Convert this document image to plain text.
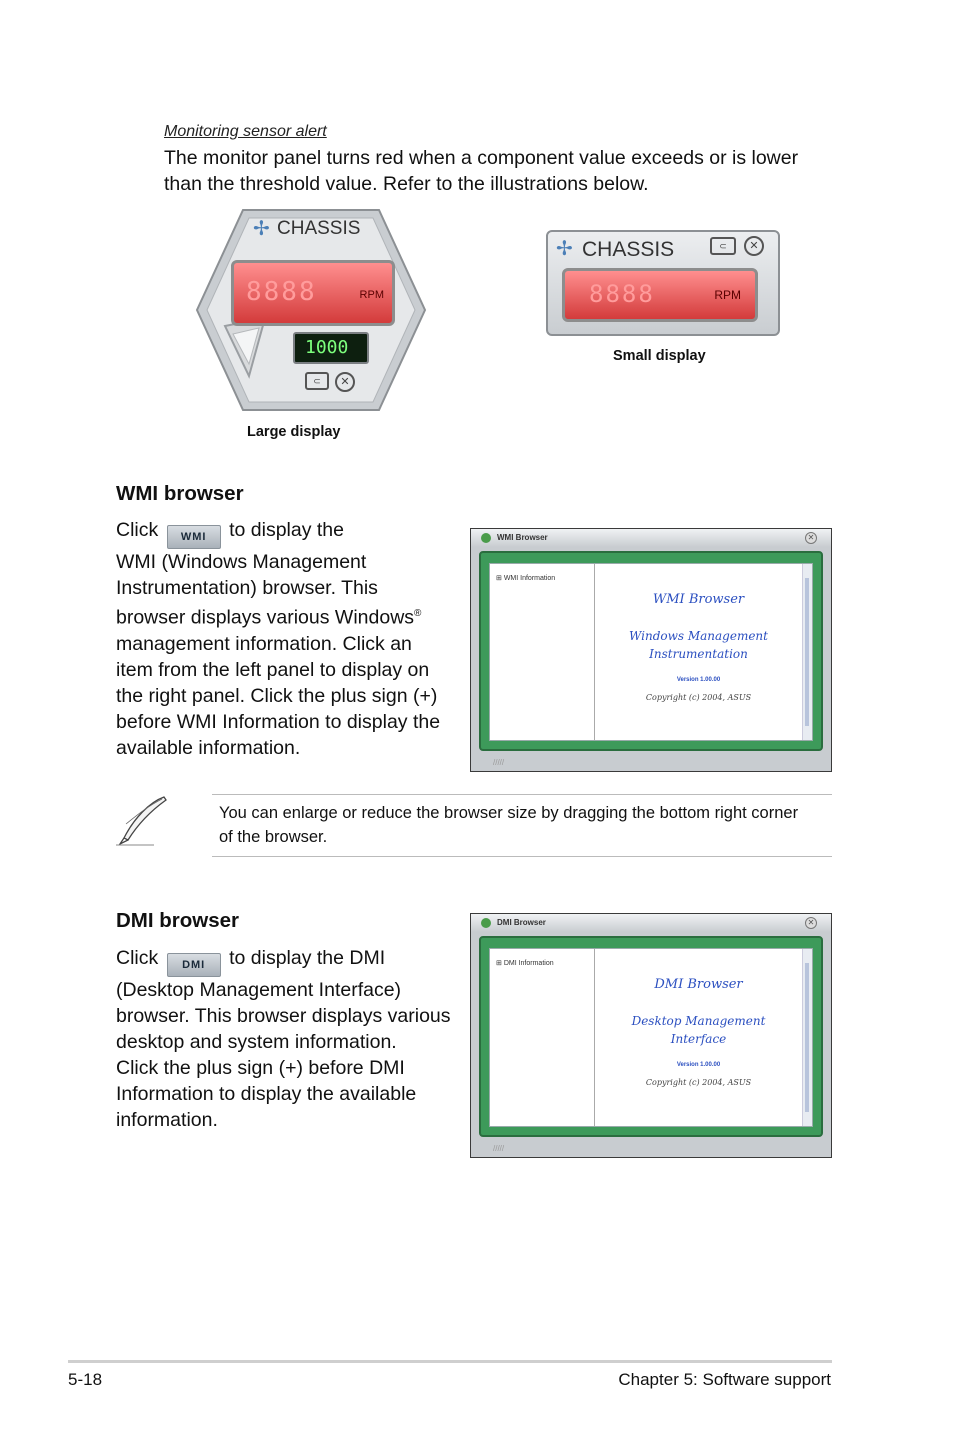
Monitoring sensor alert
The monitor panel turns red when a component value exceeds or is lower
than the threshold value. Refer to the illustrations below.
✢ CHASSIS
8888	RPM
1000
⊂	✕
Large display
✢ CHASSIS	⊂	✕
8888	RPM
Small display
WMI browser
Click WMI to display the
WMI (Windows Management
Instrumentation) browser. This
browser displays various Windows®
management information. Click an
item from the left panel to display on
the right panel. Click the plus sign (+)
before WMI Information to display the
available information.
WMI Browser	✕
⊞ WMI Information
WMI Browser
Windows Management
Instrumentation
Version 1.00.00
Copyright (c) 2004, ASUS
/////
You can enlarge or reduce the browser size by dragging the bottom right corner
of the browser.
DMI browser
Click DMI to display the DMI
(Desktop Management Interface)
browser. This browser displays various
desktop and system information.
Click the plus sign (+) before DMI
Information to display the available
information.
DMI Browser	✕
⊞ DMI Information
DMI Browser
Desktop Management
Interface
Version 1.00.00
Copyright (c) 2004, ASUS
/////
5-18	Chapter 5: Software support
